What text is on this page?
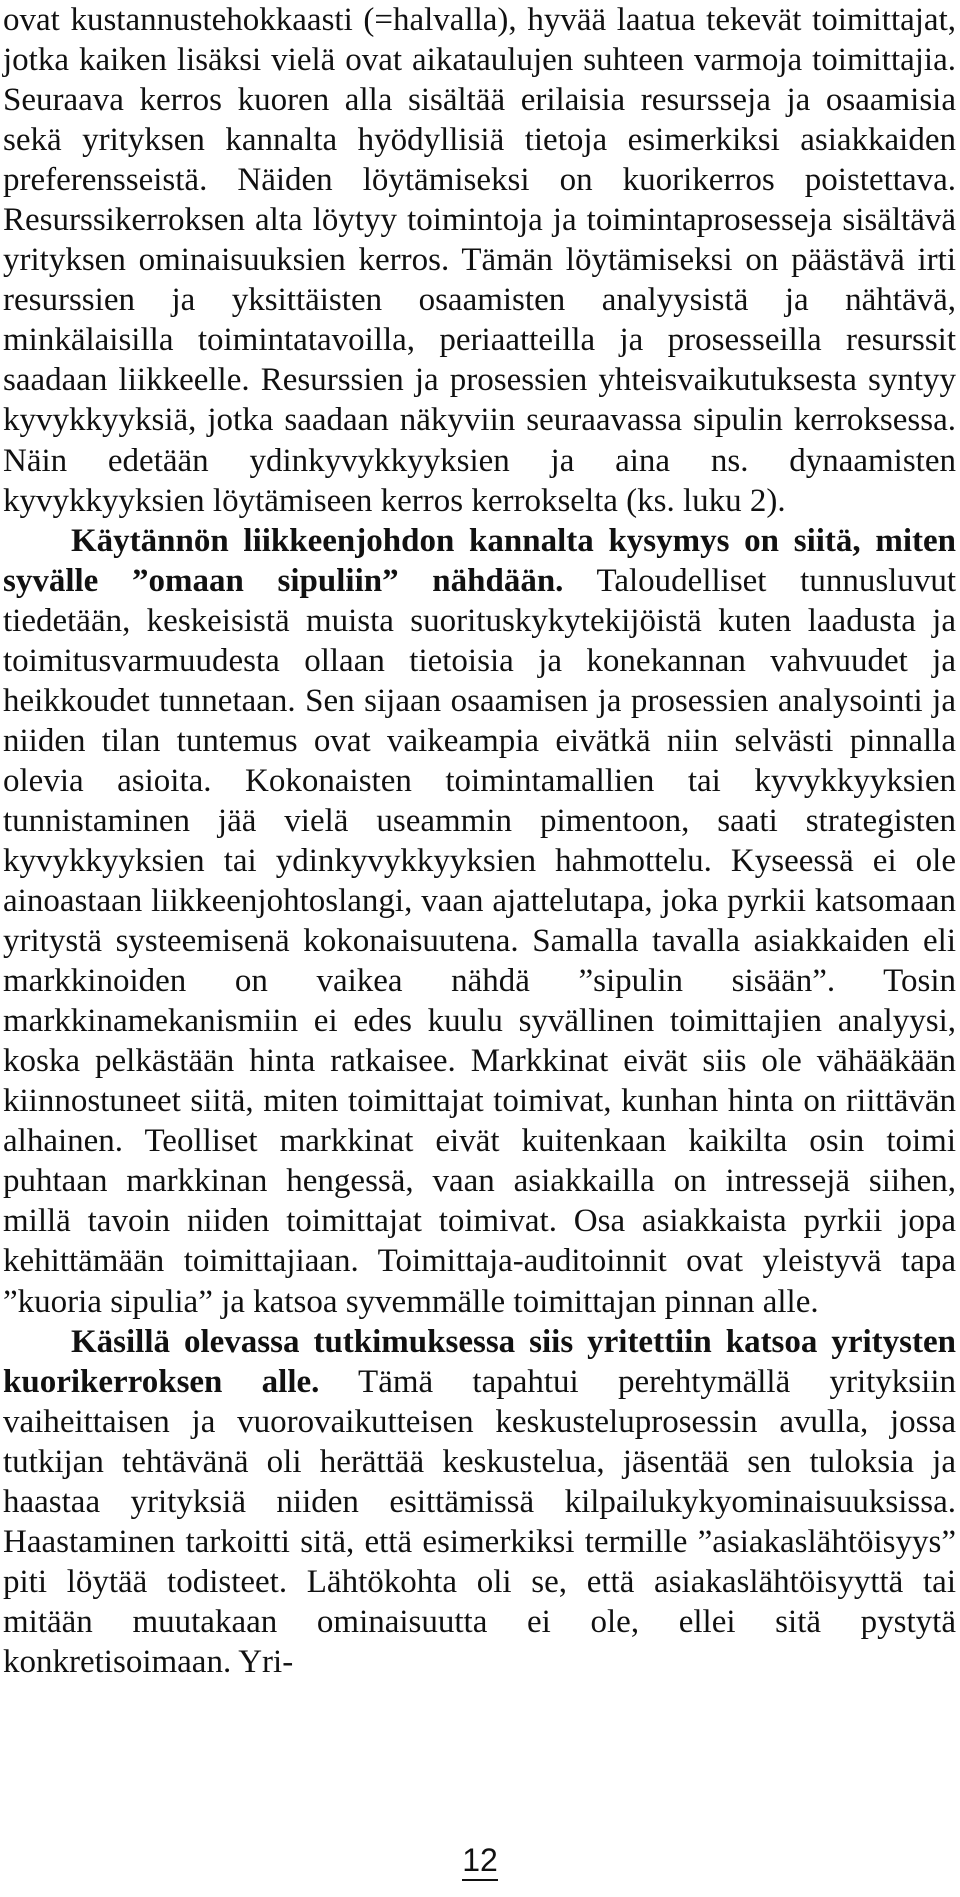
ovat kustannustehokkaasti (=halvalla), hyvää laatua tekevät toimittajat, jotka kaiken lisäksi vielä ovat aikataulujen suhteen varmoja toimittajia. Seuraava kerros kuoren alla sisältää erilaisia resursseja ja osaamisia sekä yrityksen kannalta hyödyllisiä tietoja esimerkiksi asiakkaiden preferensseistä. Näiden löytämiseksi on kuorikerros poistettava. Resurssikerroksen alta löytyy toimintoja ja toimintaprosesseja sisältävä yrityksen ominaisuuksien kerros. Tämän löytämiseksi on päästävä irti resurssien ja yksittäisten osaamisten analyysistä ja nähtävä, minkälaisilla toimintatavoilla, periaatteilla ja prosesseilla resurssit saadaan liikkeelle. Resurssien ja prosessien yhteisvaikutuksesta syntyy kyvykkyyksiä, jotka saadaan näkyviin seuraavassa sipulin kerroksessa. Näin edetään ydinkyvykkyyksien ja aina ns. dynaamisten kyvykkyyksien löytämiseen kerros kerrokselta (ks. luku 2).

Käytännön liikkeenjohdon kannalta kysymys on siitä, miten syvälle ”omaan sipuliin” nähdään. Taloudelliset tunnusluvut tiedetään, keskeisistä muista suorituskykytekijöistä kuten laadusta ja toimitusvarmuudesta ollaan tietoisia ja konekannan vahvuudet ja heikkoudet tunnetaan. Sen sijaan osaamisen ja prosessien analysointi ja niiden tilan tuntemus ovat vaikeampia eivätkä niin selvästi pinnalla olevia asioita. Kokonaisten toimintamallien tai kyvykkyyksien tunnistaminen jää vielä useammin pimentoon, saati strategisten kyvykkyyksien tai ydinkyvykkyyksien hahmottelu. Kyseessä ei ole ainoastaan liikkeenjohtoslangi, vaan ajattelutapa, joka pyrkii katsomaan yritystä systeemisenä kokonaisuutena. Samalla tavalla asiakkaiden eli markkinoiden on vaikea nähdä ”sipulin sisään”. Tosin markkinamekanismiin ei edes kuulu syvällinen toimittajien analyysi, koska pelkästään hinta ratkaisee. Markkinat eivät siis ole vähääkään kiinnostuneet siitä, miten toimittajat toimivat, kunhan hinta on riittävän alhainen. Teolliset markkinat eivät kuitenkaan kaikilta osin toimi puhtaan markkinan hengessä, vaan asiakkailla on intressejä siihen, millä tavoin niiden toimittajat toimivat. Osa asiakkaista pyrkii jopa kehittämään toimittajiaan. Toimittaja-auditoinnit ovat yleistyvä tapa ”kuoria sipulia” ja katsoa syvemmälle toimittajan pinnan alle.

Käsillä olevassa tutkimuksessa siis yritettiin katsoa yritysten kuorikerroksen alle. Tämä tapahtui perehtymällä yrityksiin vaiheittaisen ja vuorovaikutteisen keskusteluprosessin avulla, jossa tutkijan tehtävänä oli herättää keskustelua, jäsentää sen tuloksia ja haastaa yrityksiä niiden esittämissä kilpailukykyominaisuuksissa. Haastaminen tarkoitti sitä, että esimerkiksi termille ”asiakaslähtöisyys” piti löytää todisteet. Lähtökohta oli se, että asiakaslähtöisyyttä tai mitään muutakaan ominaisuutta ei ole, ellei sitä pystytä konkretisoimaan. Yri-

12
